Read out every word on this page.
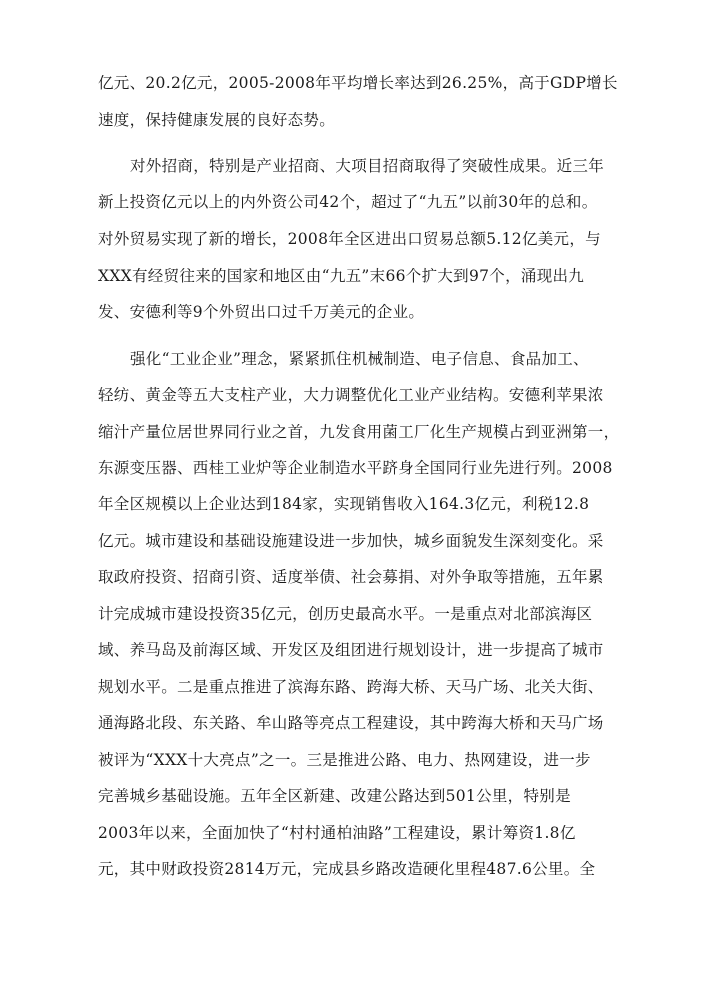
亿元、20.2亿元，2005-2008年平均增长率达到26.25%，高于GDP增长
速度，保持健康发展的良好态势。
对外招商，特别是产业招商、大项目招商取得了突破性成果。近三年
新上投资亿元以上的内外资公司42个，超过了“九五”以前30年的总和。
对外贸易实现了新的增长，2008年全区进出口贸易总额5.12亿美元，与
XXX有经贸往来的国家和地区由“九五”末66个扩大到97个，涌现出九
发、安德利等9个外贸出口过千万美元的企业。
强化“工业企业”理念，紧紧抓住机械制造、电子信息、食品加工、
轻纺、黄金等五大支柱产业，大力调整优化工业产业结构。安德利苹果浓
缩汁产量位居世界同行业之首，九发食用菌工厂化生产规模占到亚洲第一，
东源变压器、西桂工业炉等企业制造水平跻身全国同行业先进行列。2008
年全区规模以上企业达到184家，实现销售收入164.3亿元，利税12.8
亿元。城市建设和基础设施建设进一步加快，城乡面貌发生深刻变化。采
取政府投资、招商引资、适度举债、社会募捐、对外争取等措施，五年累
计完成城市建设投资35亿元，创历史最高水平。一是重点对北部滨海区
域、养马岛及前海区域、开发区及组团进行规划设计，进一步提高了城市
规划水平。二是重点推进了滨海东路、跨海大桥、天马广场、北关大街、
通海路北段、东关路、牟山路等亮点工程建设，其中跨海大桥和天马广场
被评为“XXX十大亮点”之一。三是推进公路、电力、热网建设，进一步
完善城乡基础设施。五年全区新建、改建公路达到501公里，特别是
2003年以来，全面加快了“村村通柏油路”工程建设，累计筹资1.8亿
元，其中财政投资2814万元，完成县乡路改造硬化里程487.6公里。全
